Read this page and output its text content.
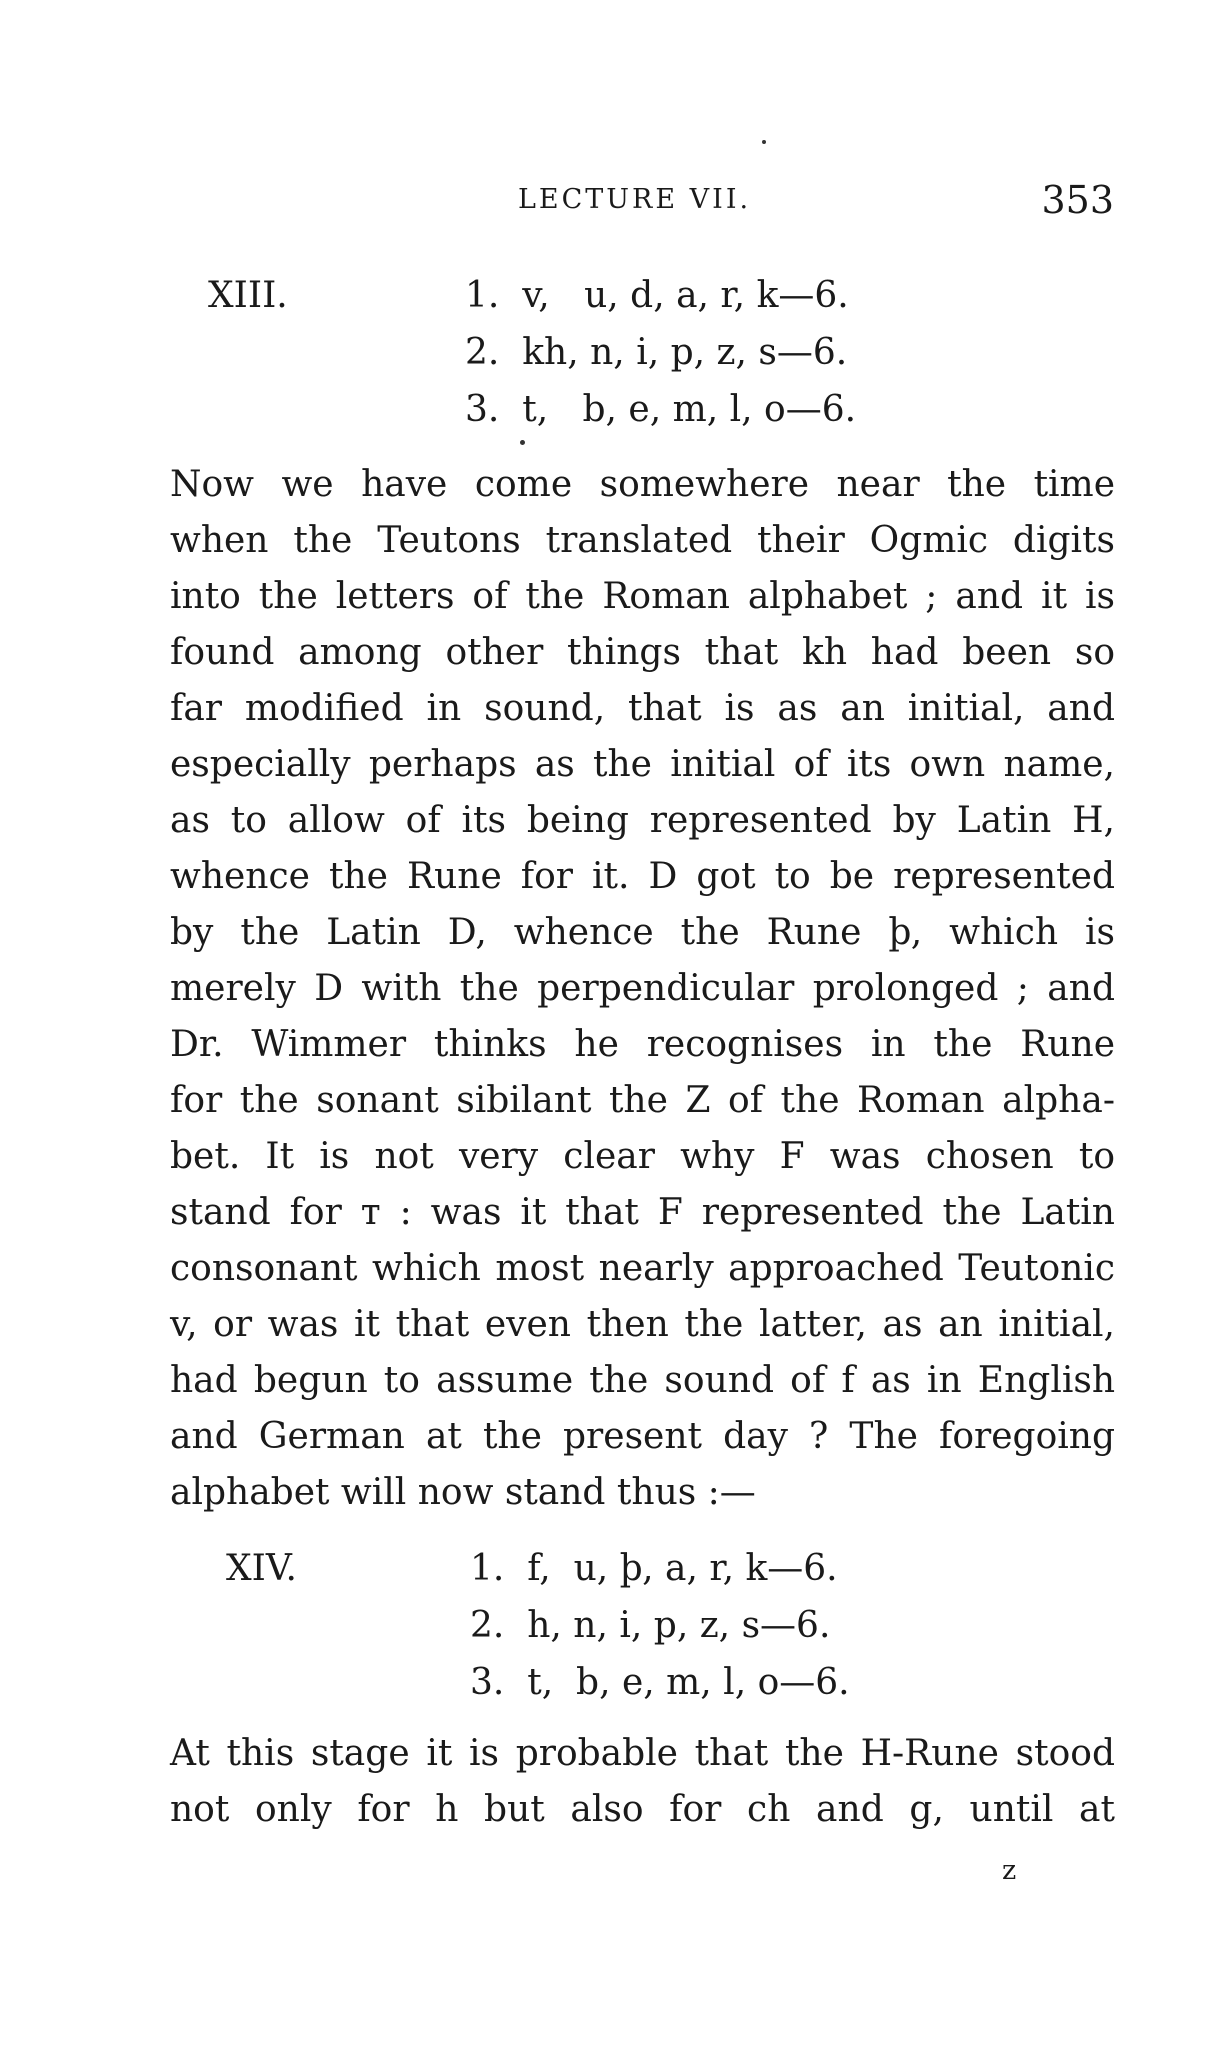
LECTURE VII.	353
XIII.	1.  v,   u, d, a, r, k—6.
2.  kh, n, i, p, z, s—6.
3.  t,   b, e, m, l, o—6.
Now we have come somewhere near the time
when the Teutons translated their Ogmic digits
into the letters of the Roman alphabet ; and it is
found among other things that kh had been so
far modified in sound, that is as an initial, and
especially perhaps as the initial of its own name,
as to allow of its being represented by Latin H,
whence the Rune for it. D got to be represented
by the Latin D, whence the Rune þ, which is
merely D with the perpendicular prolonged ; and
Dr. Wimmer thinks he recognises in the Rune
for the sonant sibilant the Z of the Roman alpha-
bet. It is not very clear why F was chosen to
stand for ᴛ : was it that F represented the Latin
consonant which most nearly approached Teutonic
v, or was it that even then the latter, as an initial,
had begun to assume the sound of f as in English
and German at the present day ? The foregoing
alphabet will now stand thus :—
XIV.	1.  f,  u, þ, a, r, k—6.
2.  h, n, i, p, z, s—6.
3.  t,  b, e, m, l, o—6.
At this stage it is probable that the H-Rune stood
not only for h but also for ch and g, until at
z
